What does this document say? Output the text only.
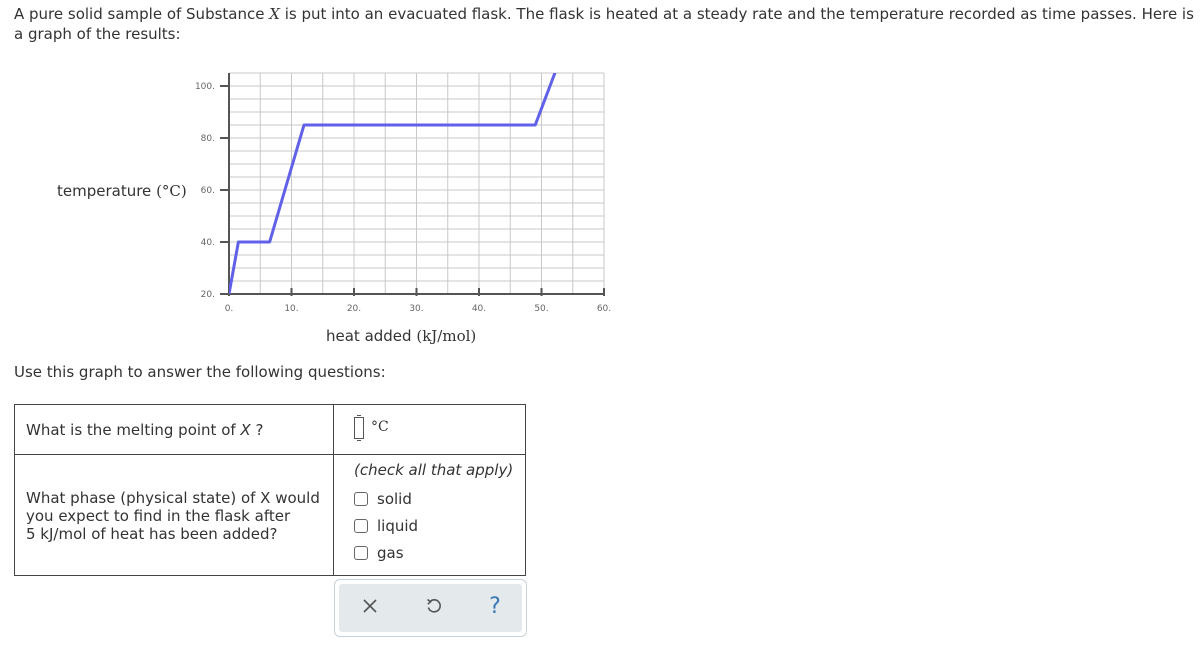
A pure solid sample of Substance X is put into an evacuated flask. The flask is heated at a steady rate and the temperature recorded as time passes. Here is a graph of the results:

temperature (°C)
0.	10.	20.	30.	40.	50.	60.
20.
40.
60.
80.
100.
heat added (kJ/mol)
Use this graph to answer the following questions:
What is the melting point of X ?	°C
What phase (physical state) of X would
you expect to find in the flask after
5 kJ/mol of heat has been added?
(check all that apply)
solid
liquid
gas
?
